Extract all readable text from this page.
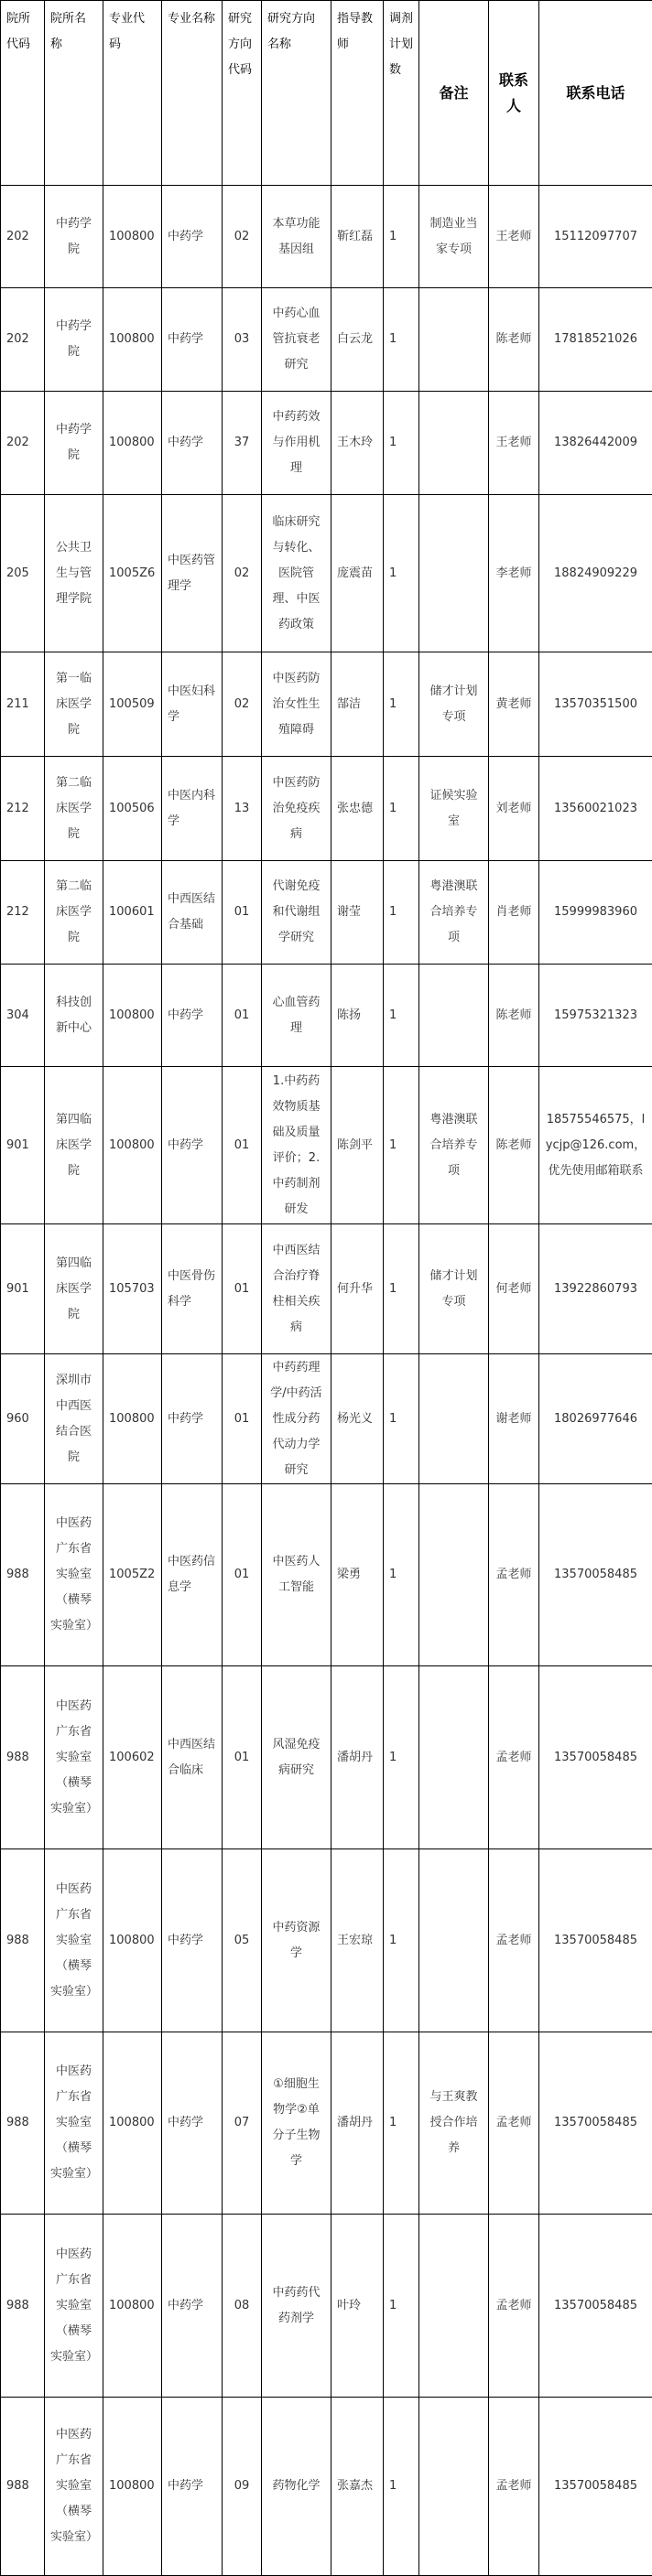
院所代码	院所名称	专业代码	专业名称	研究方向代码	研究方向名称	指导教师	调剂计划数	备注	联系人	联系电话
202	中药学院	100800	中药学	02	本草功能基因组	靳红磊	1	制造业当家专项	王老师	15112097707
202	中药学院	100800	中药学	03	中药心血管抗衰老研究	白云龙	1		陈老师	17818521026
202	中药学院	100800	中药学	37	中药药效与作用机理	王木玲	1		王老师	13826442009
205	公共卫生与管理学院	1005Z6	中医药管理学	02	临床研究与转化、医院管理、中医药政策	庞震苗	1		李老师	18824909229
211	第一临床医学院	100509	中医妇科学	02	中医药防治女性生殖障碍	郜洁	1	储才计划专项	黄老师	13570351500
212	第二临床医学院	100506	中医内科学	13	中医药防治免疫疾病	张忠德	1	证候实验室	刘老师	13560021023
212	第二临床医学院	100601	中西医结合基础	01	代谢免疫和代谢组学研究	谢莹	1	粤港澳联合培养专项	肖老师	15999983960
304	科技创新中心	100800	中药学	01	心血管药理	陈扬	1		陈老师	15975321323
901	第四临床医学院	100800	中药学	01	1.中药药效物质基础及质量评价；2.中药制剂研发	陈剑平	1	粤港澳联合培养专项	陈老师	18575546575，lycjp@126.com，优先使用邮箱联系
901	第四临床医学院	105703	中医骨伤科学	01	中西医结合治疗脊柱相关疾病	何升华	1	储才计划专项	何老师	13922860793
960	深圳市中西医结合医院	100800	中药学	01	中药药理学/中药活性成分药代动力学研究	杨光义	1		谢老师	18026977646
988	中医药广东省实验室（横琴实验室）	1005Z2	中医药信息学	01	中医药人工智能	梁勇	1		孟老师	13570058485
988	中医药广东省实验室（横琴实验室）	100602	中西医结合临床	01	风湿免疫病研究	潘胡丹	1		孟老师	13570058485
988	中医药广东省实验室（横琴实验室）	100800	中药学	05	中药资源学	王宏琼	1		孟老师	13570058485
988	中医药广东省实验室（横琴实验室）	100800	中药学	07	①细胞生物学②单分子生物学	潘胡丹	1	与王爽教授合作培养	孟老师	13570058485
988	中医药广东省实验室（横琴实验室）	100800	中药学	08	中药药代药剂学	叶玲	1		孟老师	13570058485
988	中医药广东省实验室（横琴实验室）	100800	中药学	09	药物化学	张嘉杰	1		孟老师	13570058485
